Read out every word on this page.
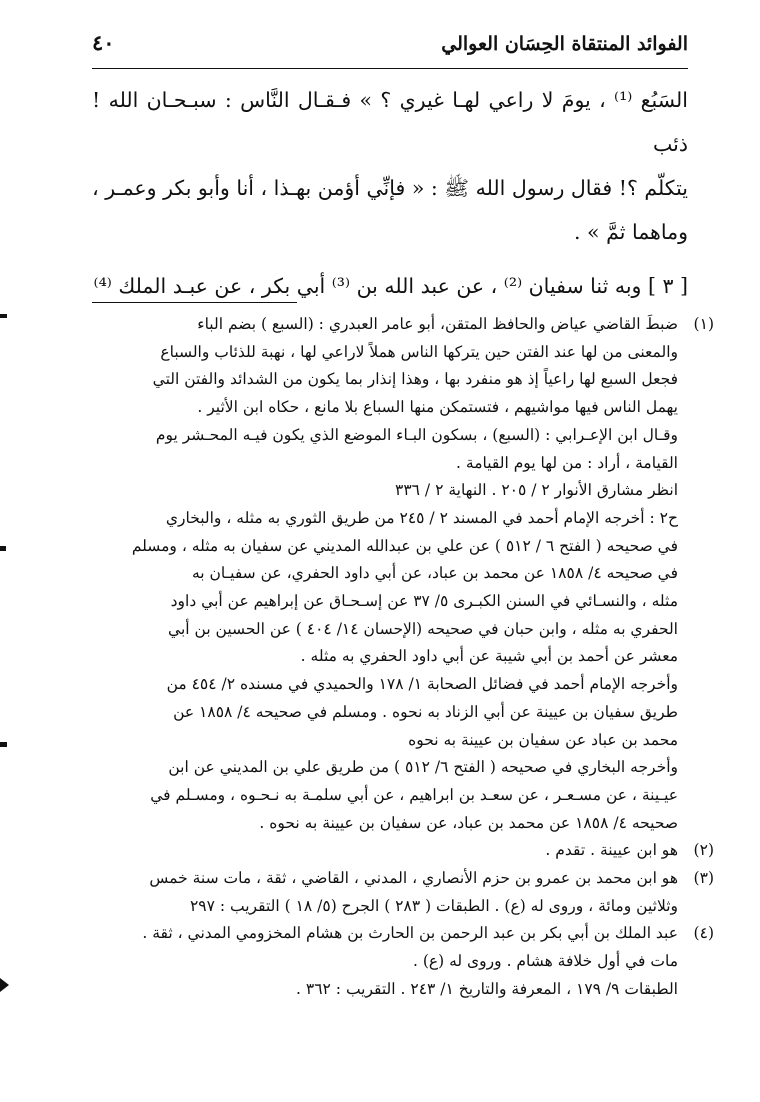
الفوائد المنتقاة الحِسَان العوالي
٤٠

السَبُع ⁽¹⁾ ، يومَ لا راعي لهـا غيري ؟ » فـقـال النَّاس : سبـحـان الله ! ذئب

يتكلّم ؟! فقال رسول الله ﷺ : « فإنِّي أؤمن بهـذا ، أنا وأبو بكر وعمـر ،

وماهما ثمَّ » .

[ ٣ ] وبه ثنا سفيان ⁽²⁾ ، عن عبد الله بن ⁽³⁾ أبي بكر ، عن عبـد الملك ⁽⁴⁾

(١)
ضبطَ القاضي عياض والحافظ المتقن، أبو عامر العبدري : (السبع ) بضم الباء
والمعنى من لها عند الفتن حين يتركها الناس هملاً لاراعي لها ، نهبة للذئاب والسباع
فجعل السبع لها راعياً إذ هو منفرد بها ، وهذا إنذار بما يكون من الشدائد والفتن التي
يهمل الناس فيها مواشيهم ، فتستمكن منها السباع بلا مانع ، حكاه ابن الأثير .
وقـال ابن الإعـرابي : (السبع) ، بسكون البـاء الموضع الذي يكون فيـه المحـشر يوم
القيامة ، أراد : من لها يوم القيامة .
انظر مشارق الأنوار ٢ / ٢٠٥ . النهاية ٢ / ٣٣٦
ح٢ : أخرجه الإمام أحمد في المسند ٢ / ٢٤٥ من طريق الثوري به مثله ، والبخاري
في صحيحه ( الفتح ٦ / ٥١٢ ) عن علي بن عبدالله المديني عن سفيان به مثله ، ومسلم
في صحيحه ٤/ ١٨٥٨ عن محمد بن عباد، عن أبي داود الحفري، عن سفيـان به
مثله ، والنسـائي في السنن الكبـرى ٥/ ٣٧ عن إسـحـاق عن إبراهيم عن أبي داود
الحفري به مثله ، وابن حبان في صحيحه (الإحسان ١٤/ ٤٠٤ ) عن الحسين بن أبي
معشر عن أحمد بن أبي شيبة عن أبي داود الحفري به مثله .
وأخرجه الإمام أحمد في فضائل الصحابة ١/ ١٧٨ والحميدي في مسنده ٢/ ٤٥٤ من
طريق سفيان بن عيينة عن أبي الزناد به نحوه . ومسلم في صحيحه ٤/ ١٨٥٨ عن
محمد بن عباد عن سفيان بن عيينة به نحوه
وأخرجه البخاري في صحيحه ( الفتح ٦/ ٥١٢ ) من طريق علي بن المديني عن ابن
عيـينة ، عن مسـعـر ، عن سعـد بن ابراهيم ، عن أبي سلمـة به نـحـوه ، ومسـلم في
صحيحه ٤/ ١٨٥٨ عن محمد بن عباد، عن سفيان بن عيينة به نحوه .
(٢)
هو ابن عيينة . تقدم .
(٣)
هو ابن محمد بن عمرو بن حزم الأنصاري ، المدني ، القاضي ، ثقة ، مات سنة خمس
وثلاثين ومائة ، وروى له (ع) . الطبقات ( ٢٨٣ ) الجرح (٥/ ١٨ ) التقريب : ٢٩٧
(٤)
عبد الملك بن أبي بكر بن عبد الرحمن بن الحارث بن هشام المخزومي المدني ، ثقة .
مات في أول خلافة هشام . وروى له (ع) .
الطبقات ٩/ ١٧٩ ، المعرفة والتاريخ ١/ ٢٤٣ . التقريب : ٣٦٢ .
